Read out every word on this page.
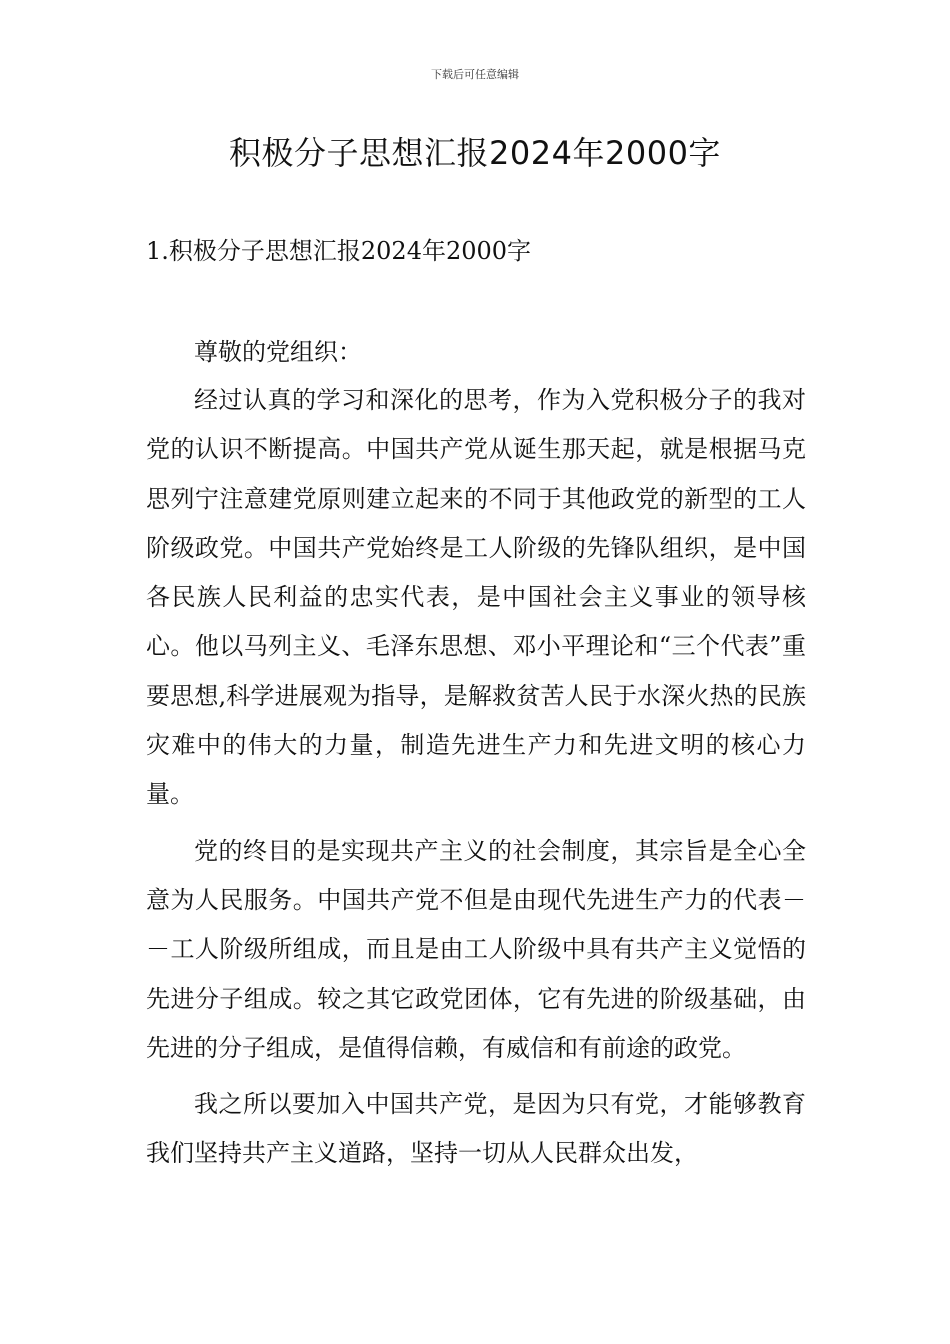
下载后可任意编辑
积极分子思想汇报2024年2000字
1.积极分子思想汇报2024年2000字
尊敬的党组织：

经过认真的学习和深化的思考，作为入党积极分子的我对党的认识不断提高。中国共产党从诞生那天起，就是根据马克思列宁注意建党原则建立起来的不同于其他政党的新型的工人阶级政党。中国共产党始终是工人阶级的先锋队组织，是中国各民族人民利益的忠实代表，是中国社会主义事业的领导核心。他以马列主义、毛泽东思想、邓小平理论和“三个代表”重要思想,科学进展观为指导，是解救贫苦人民于水深火热的民族灾难中的伟大的力量，制造先进生产力和先进文明的核心力量。

党的终目的是实现共产主义的社会制度，其宗旨是全心全意为人民服务。中国共产党不但是由现代先进生产力的代表－－工人阶级所组成，而且是由工人阶级中具有共产主义觉悟的先进分子组成。较之其它政党团体，它有先进的阶级基础，由先进的分子组成，是值得信赖，有威信和有前途的政党。

我之所以要加入中国共产党，是因为只有党，才能够教育我们坚持共产主义道路，坚持一切从人民群众出发，
